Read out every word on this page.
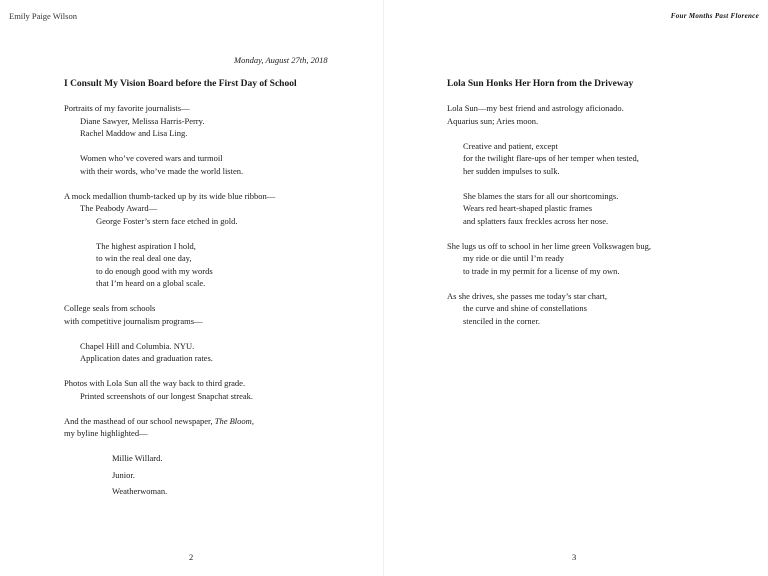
Emily Paige Wilson
Monday, August 27th, 2018
I Consult My Vision Board before the First Day of School
Portraits of my favorite journalists—
Diane Sawyer, Melissa Harris-Perry.
Rachel Maddow and Lisa Ling.
Women who’ve covered wars and turmoil
with their words, who’ve made the world listen.
A mock medallion thumb-tacked up by its wide blue ribbon—
The Peabody Award—
George Foster’s stern face etched in gold.
The highest aspiration I hold,
to win the real deal one day,
to do enough good with my words
that I’m heard on a global scale.
College seals from schools
with competitive journalism programs—
Chapel Hill and Columbia. NYU.
Application dates and graduation rates.
Photos with Lola Sun all the way back to third grade.
Printed screenshots of our longest Snapchat streak.
And the masthead of our school newspaper, The Bloom,
my byline highlighted—
Millie Willard.
Junior.
Weatherwoman.
2
Four Months Past Florence
Lola Sun Honks Her Horn from the Driveway
Lola Sun—my best friend and astrology aficionado.
Aquarius sun; Aries moon.
Creative and patient, except
for the twilight flare-ups of her temper when tested,
her sudden impulses to sulk.
She blames the stars for all our shortcomings.
Wears red heart-shaped plastic frames
and splatters faux freckles across her nose.
She lugs us off to school in her lime green Volkswagen bug,
my ride or die until I’m ready
to trade in my permit for a license of my own.
As she drives, she passes me today’s star chart,
the curve and shine of constellations
stenciled in the corner.
3
